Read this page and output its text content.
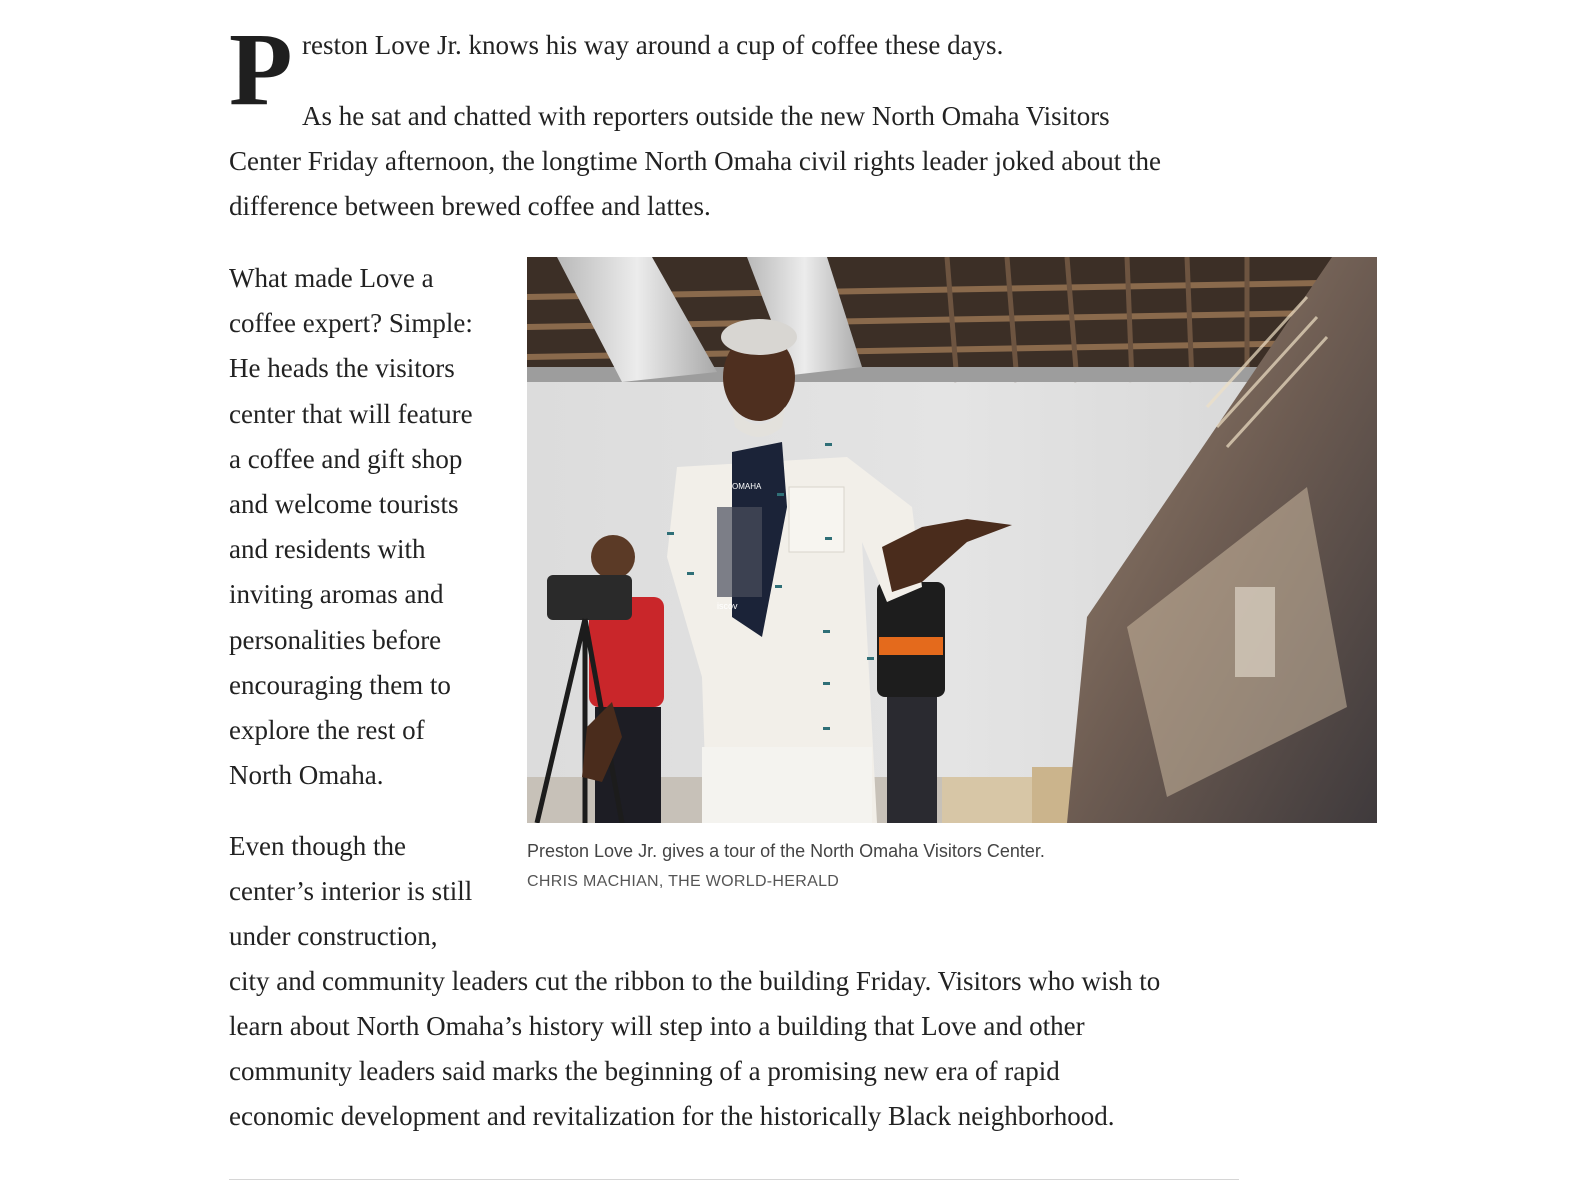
P reston Love Jr. knows his way around a cup of coffee these days.
As he sat and chatted with reporters outside the new North Omaha Visitors
Center Friday afternoon, the longtime North Omaha civil rights leader joked about the
difference between brewed coffee and lattes.
What made Love a
coffee expert? Simple:
He heads the visitors
center that will feature
a coffee and gift shop
and welcome tourists
and residents with
inviting aromas and
personalities before
encouraging them to
explore the rest of
North Omaha.
Even though the
center’s interior is still
under construction,
city and community leaders cut the ribbon to the building Friday. Visitors who wish to
learn about North Omaha’s history will step into a building that Love and other
community leaders said marks the beginning of a promising new era of rapid
economic development and revitalization for the historically Black neighborhood.
OMAHA
iscov
Preston Love Jr. gives a tour of the North Omaha Visitors Center.
CHRIS MACHIAN, THE WORLD-HERALD
